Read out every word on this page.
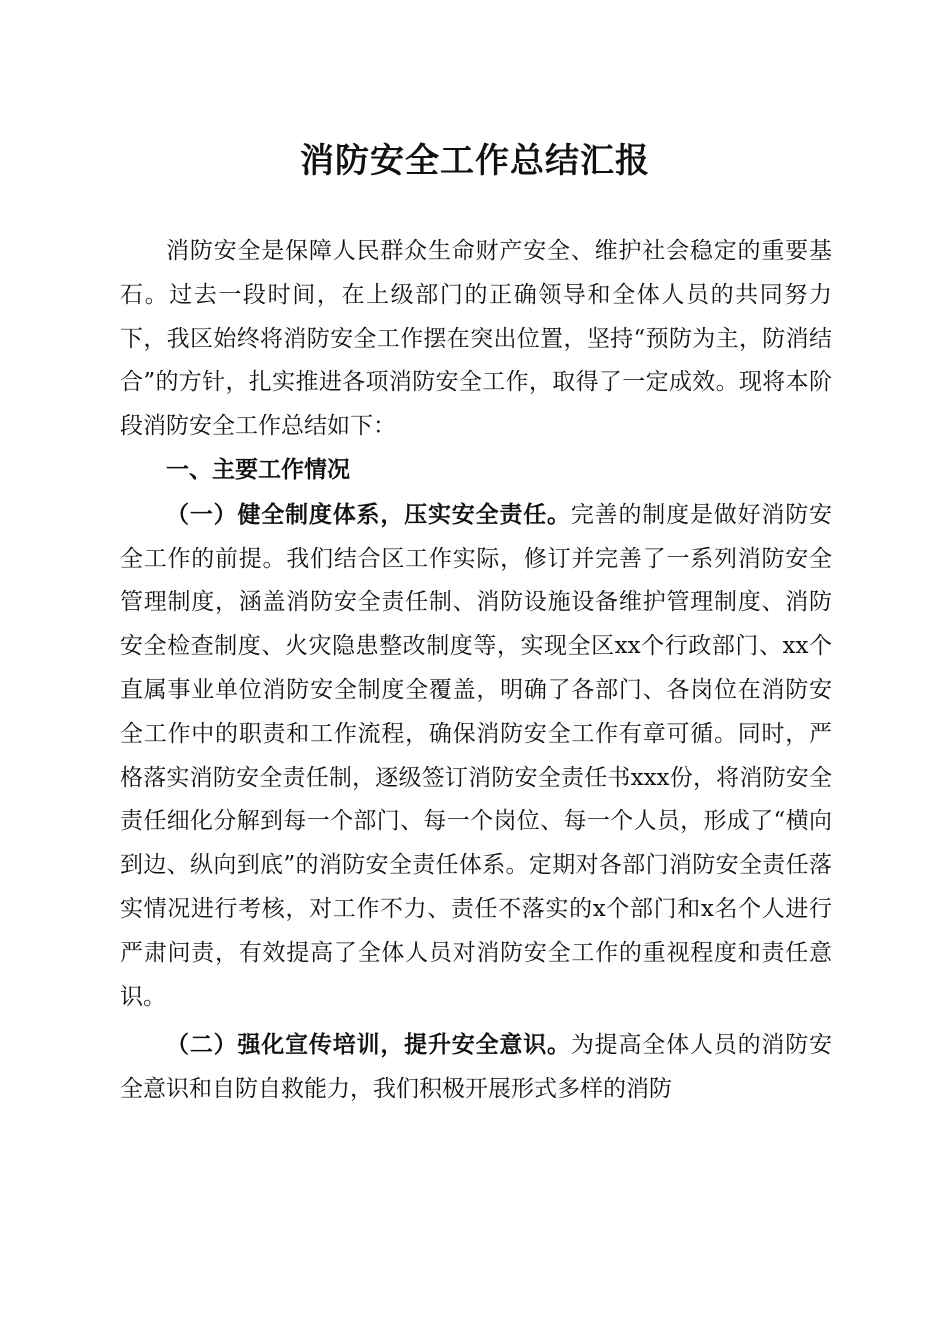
消防安全工作总结汇报

消防安全是保障人民群众生命财产安全、维护社会稳定的重要基石。过去一段时间，在上级部门的正确领导和全体人员的共同努力下，我区始终将消防安全工作摆在突出位置，坚持“预防为主，防消结合”的方针，扎实推进各项消防安全工作，取得了一定成效。现将本阶段消防安全工作总结如下：

一、主要工作情况

（一）健全制度体系，压实安全责任。完善的制度是做好消防安全工作的前提。我们结合区工作实际，修订并完善了一系列消防安全管理制度，涵盖消防安全责任制、消防设施设备维护管理制度、消防安全检查制度、火灾隐患整改制度等，实现全区xx个行政部门、xx个直属事业单位消防安全制度全覆盖，明确了各部门、各岗位在消防安全工作中的职责和工作流程，确保消防安全工作有章可循。同时，严格落实消防安全责任制，逐级签订消防安全责任书xxx份，将消防安全责任细化分解到每一个部门、每一个岗位、每一个人员，形成了“横向到边、纵向到底”的消防安全责任体系。定期对各部门消防安全责任落实情况进行考核，对工作不力、责任不落实的x个部门和x名个人进行严肃问责，有效提高了全体人员对消防安全工作的重视程度和责任意识。

（二）强化宣传培训，提升安全意识。为提高全体人员的消防安全意识和自防自救能力，我们积极开展形式多样的消防
